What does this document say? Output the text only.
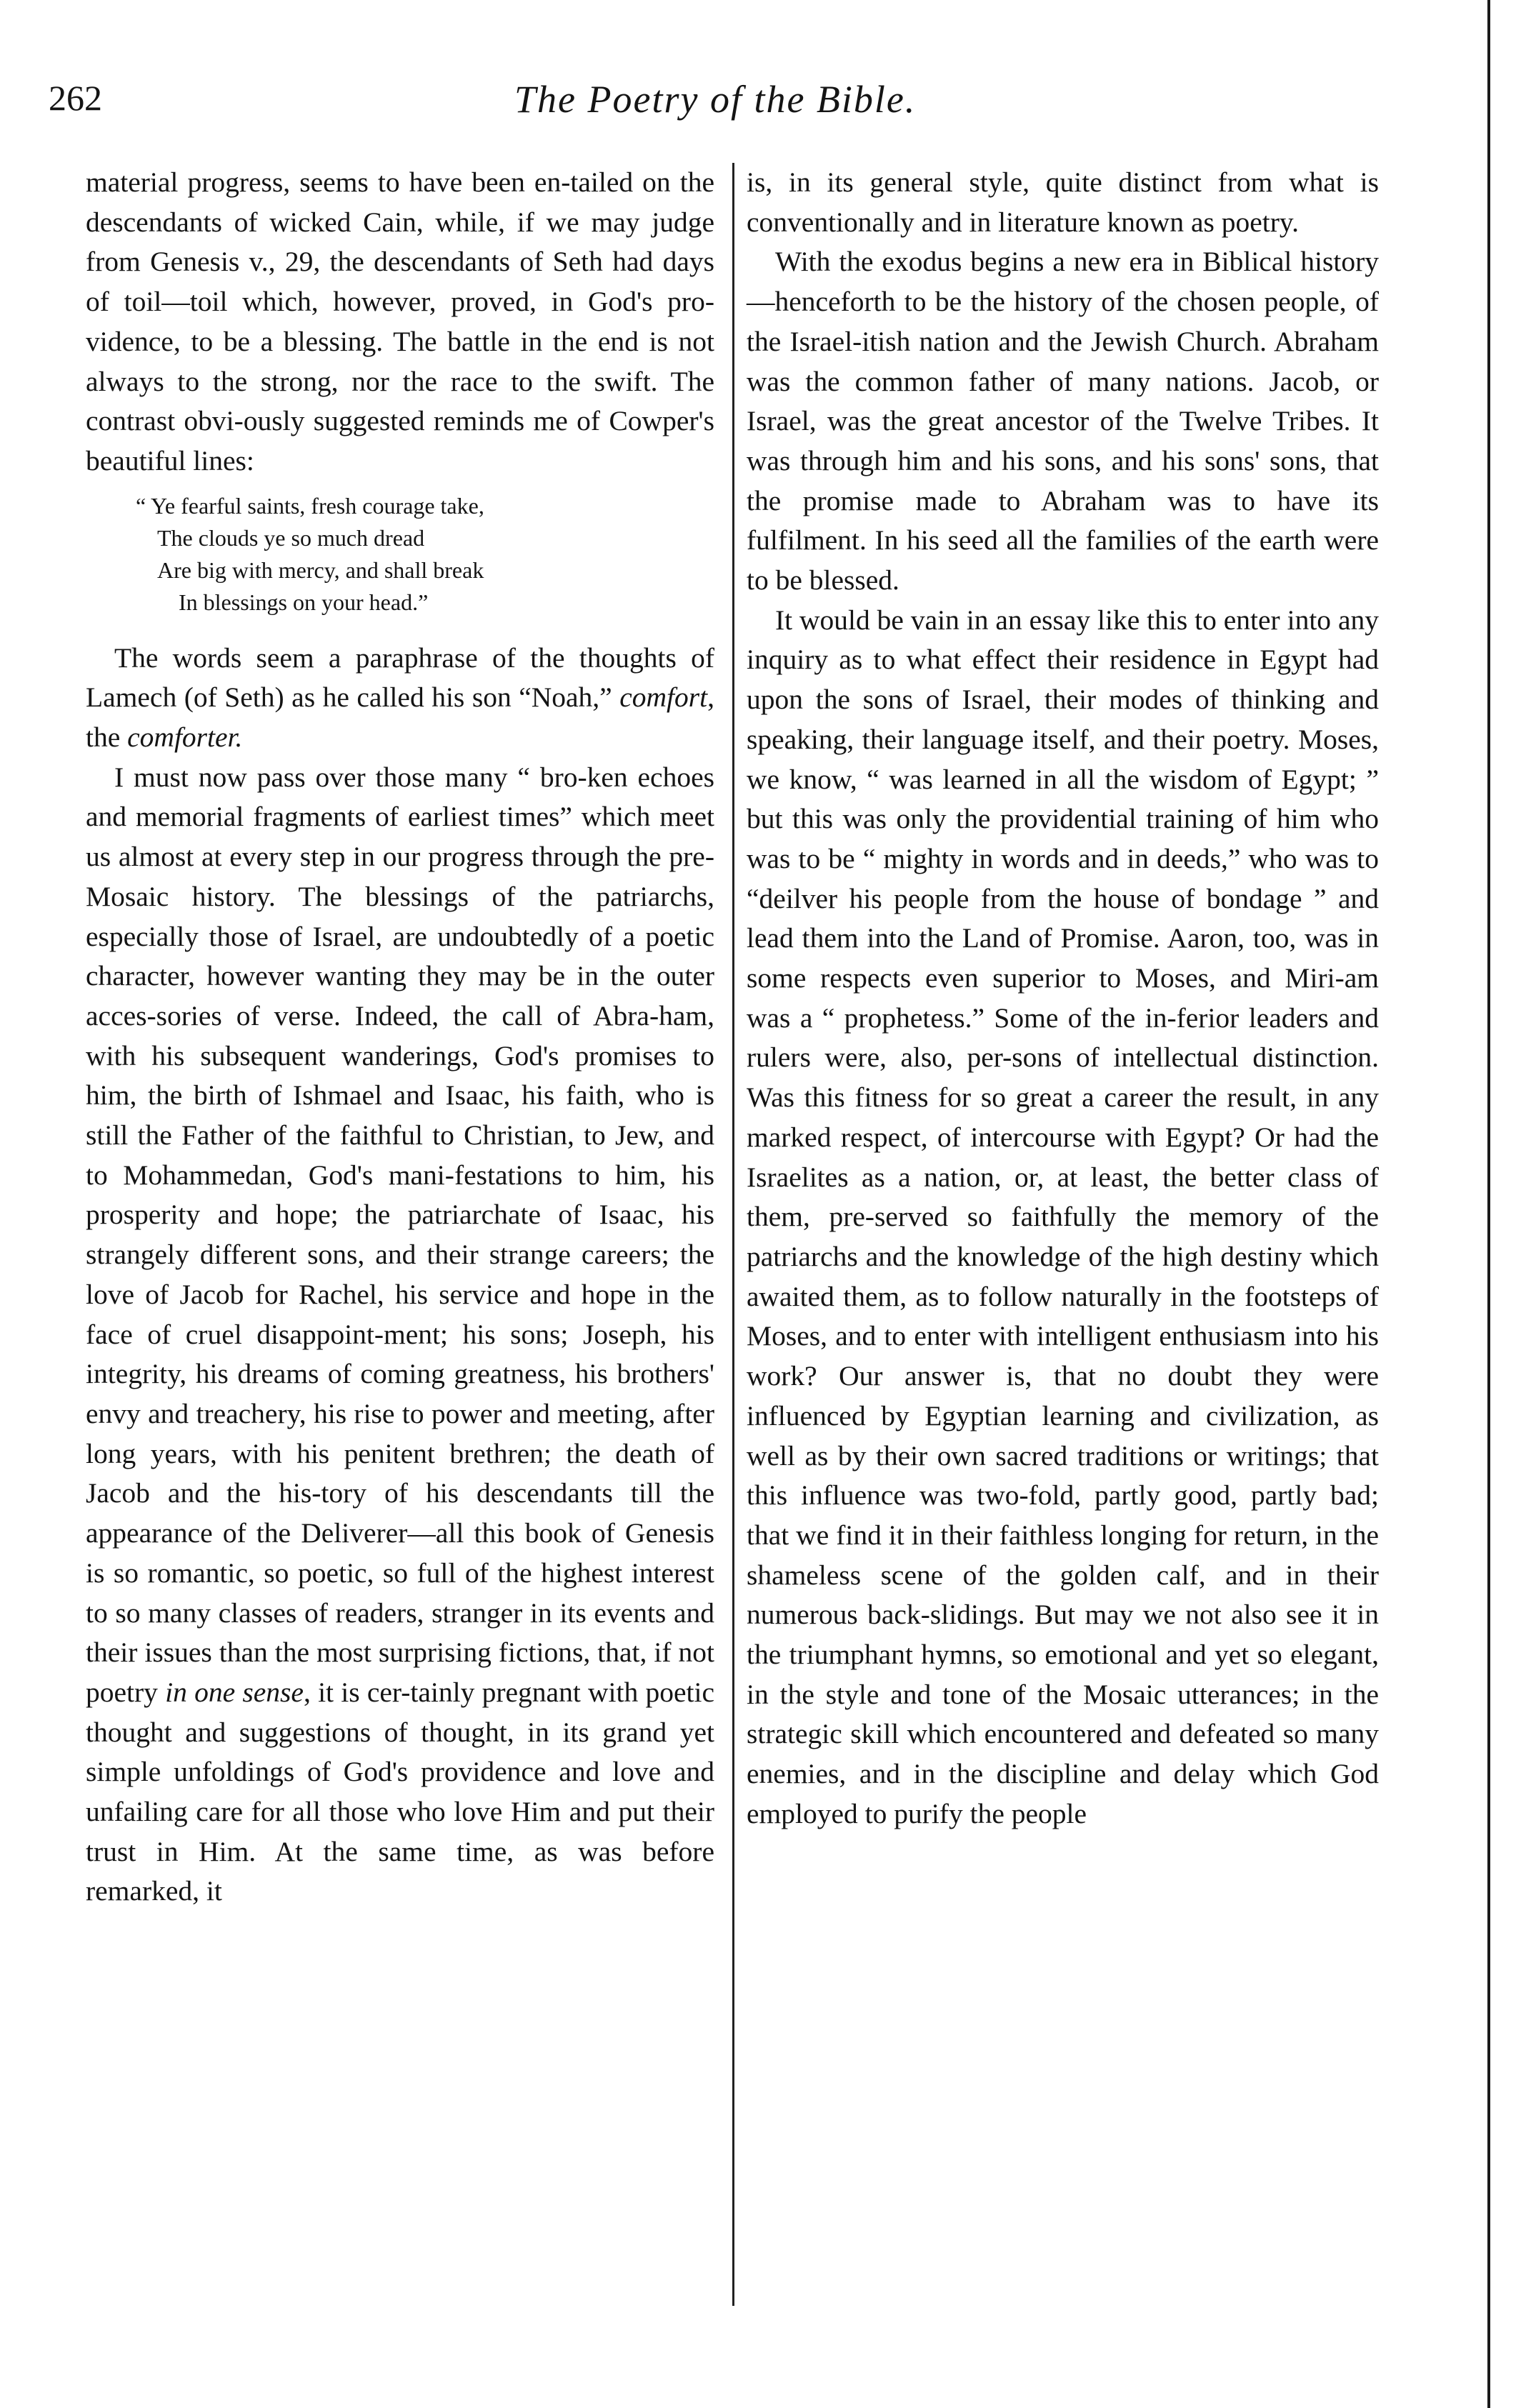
262	The Poetry of the Bible.

material progress, seems to have been en-tailed on the descendants of wicked Cain, while, if we may judge from Genesis v., 29, the descendants of Seth had days of toil—toil which, however, proved, in God's pro-vidence, to be a blessing. The battle in the end is not always to the strong, nor the race to the swift. The contrast obvi-ously suggested reminds me of Cowper's beautiful lines:

“ Ye fearful saints, fresh courage take,
The clouds ye so much dread
Are big with mercy, and shall break
In blessings on your head.”

The words seem a paraphrase of the thoughts of Lamech (of Seth) as he called his son “Noah,” comfort, the comforter.

I must now pass over those many “ bro-ken echoes and memorial fragments of earliest times” which meet us almost at every step in our progress through the pre-Mosaic history. The blessings of the patriarchs, especially those of Israel, are undoubtedly of a poetic character, however wanting they may be in the outer acces-sories of verse. Indeed, the call of Abra-ham, with his subsequent wanderings, God's promises to him, the birth of Ishmael and Isaac, his faith, who is still the Father of the faithful to Christian, to Jew, and to Mohammedan, God's mani-festations to him, his prosperity and hope; the patriarchate of Isaac, his strangely different sons, and their strange careers; the love of Jacob for Rachel, his service and hope in the face of cruel disappoint-ment; his sons; Joseph, his integrity, his dreams of coming greatness, his brothers' envy and treachery, his rise to power and meeting, after long years, with his penitent brethren; the death of Jacob and the his-tory of his descendants till the appearance of the Deliverer—all this book of Genesis is so romantic, so poetic, so full of the highest interest to so many classes of readers, stranger in its events and their issues than the most surprising fictions, that, if not poetry in one sense, it is cer-tainly pregnant with poetic thought and suggestions of thought, in its grand yet simple unfoldings of God's providence and love and unfailing care for all those who love Him and put their trust in Him. At the same time, as was before remarked, it

is, in its general style, quite distinct from what is conventionally and in literature known as poetry.

With the exodus begins a new era in Biblical history—henceforth to be the history of the chosen people, of the Israel-itish nation and the Jewish Church. Abraham was the common father of many nations. Jacob, or Israel, was the great ancestor of the Twelve Tribes. It was through him and his sons, and his sons' sons, that the promise made to Abraham was to have its fulfilment. In his seed all the families of the earth were to be blessed.

It would be vain in an essay like this to enter into any inquiry as to what effect their residence in Egypt had upon the sons of Israel, their modes of thinking and speaking, their language itself, and their poetry. Moses, we know, “ was learned in all the wisdom of Egypt; ” but this was only the providential training of him who was to be “ mighty in words and in deeds,” who was to “deilver his people from the house of bondage ” and lead them into the Land of Promise. Aaron, too, was in some respects even superior to Moses, and Miri-am was a “ prophetess.” Some of the in-ferior leaders and rulers were, also, per-sons of intellectual distinction. Was this fitness for so great a career the result, in any marked respect, of intercourse with Egypt? Or had the Israelites as a nation, or, at least, the better class of them, pre-served so faithfully the memory of the patriarchs and the knowledge of the high destiny which awaited them, as to follow naturally in the footsteps of Moses, and to enter with intelligent enthusiasm into his work? Our answer is, that no doubt they were influenced by Egyptian learning and civilization, as well as by their own sacred traditions or writings; that this influence was two-fold, partly good, partly bad; that we find it in their faithless longing for return, in the shameless scene of the golden calf, and in their numerous back-slidings. But may we not also see it in the triumphant hymns, so emotional and yet so elegant, in the style and tone of the Mosaic utterances; in the strategic skill which encountered and defeated so many enemies, and in the discipline and delay which God employed to purify the people
